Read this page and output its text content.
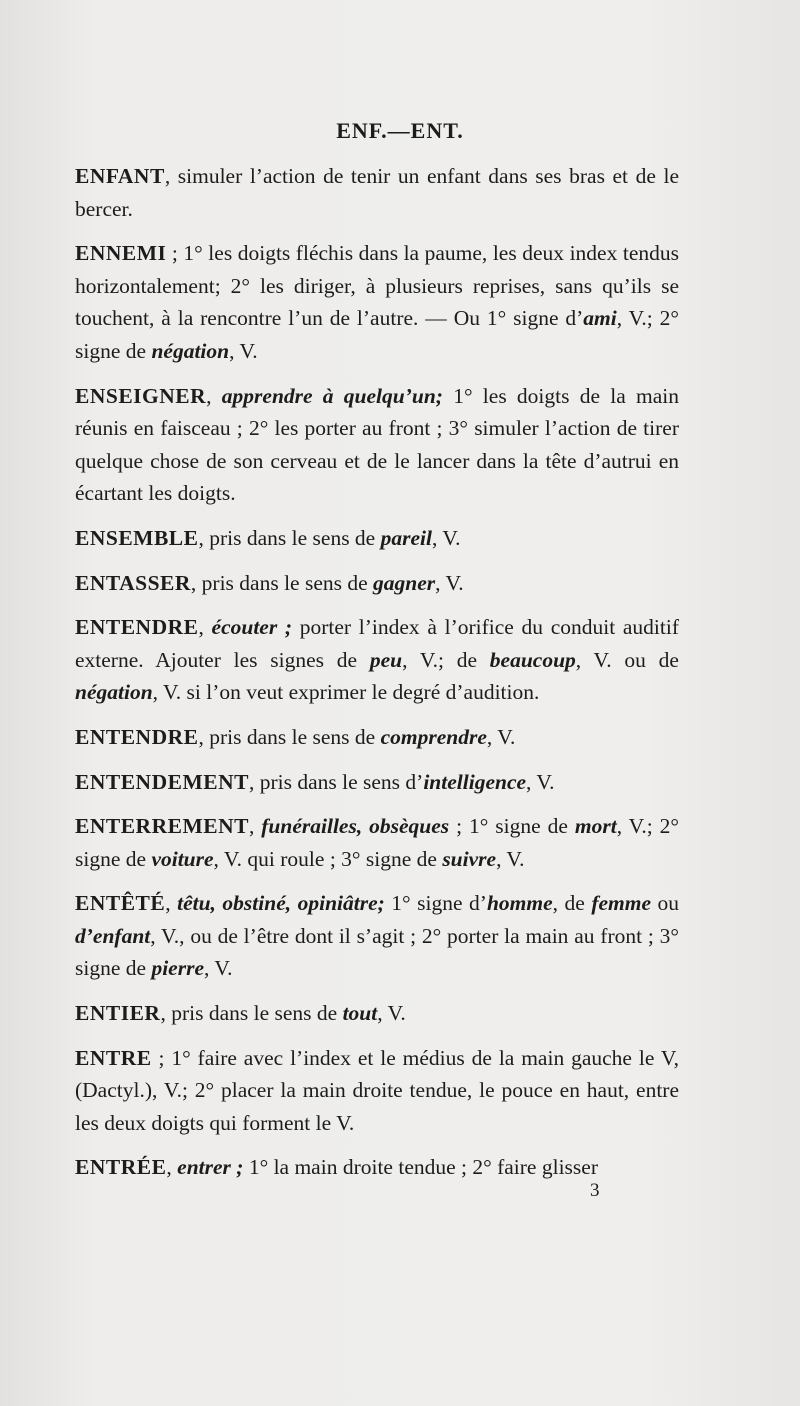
ENF.—ENT.

ENFANT, simuler l’action de tenir un enfant dans ses bras et de le bercer.

ENNEMI ; 1° les doigts fléchis dans la paume, les deux index tendus horizontalement; 2° les diriger, à plusieurs reprises, sans qu’ils se touchent, à la rencontre l’un de l’autre. — Ou 1° signe d’ami, V.; 2° signe de négation, V.

ENSEIGNER, apprendre à quelqu’un; 1° les doigts de la main réunis en faisceau ; 2° les porter au front ; 3° simuler l’action de tirer quelque chose de son cerveau et de le lancer dans la tête d’autrui en écartant les doigts.

ENSEMBLE, pris dans le sens de pareil, V.

ENTASSER, pris dans le sens de gagner, V.

ENTENDRE, écouter ; porter l’index à l’orifice du conduit auditif externe. Ajouter les signes de peu, V.; de beaucoup, V. ou de négation, V. si l’on veut exprimer le degré d’audition.

ENTENDRE, pris dans le sens de comprendre, V.

ENTENDEMENT, pris dans le sens d’intelligence, V.

ENTERREMENT, funérailles, obsèques ; 1° signe de mort, V.; 2° signe de voiture, V. qui roule ; 3° signe de suivre, V.

ENTÊTÉ, têtu, obstiné, opiniâtre; 1° signe d’homme, de femme ou d’enfant, V., ou de l’être dont il s’agit ; 2° porter la main au front ; 3° signe de pierre, V.

ENTIER, pris dans le sens de tout, V.

ENTRE ; 1° faire avec l’index et le médius de la main gauche le V, (Dactyl.), V.; 2° placer la main droite tendue, le pouce en haut, entre les deux doigts qui forment le V.

ENTRÉE, entrer ; 1° la main droite tendue ; 2° faire glisser

3
